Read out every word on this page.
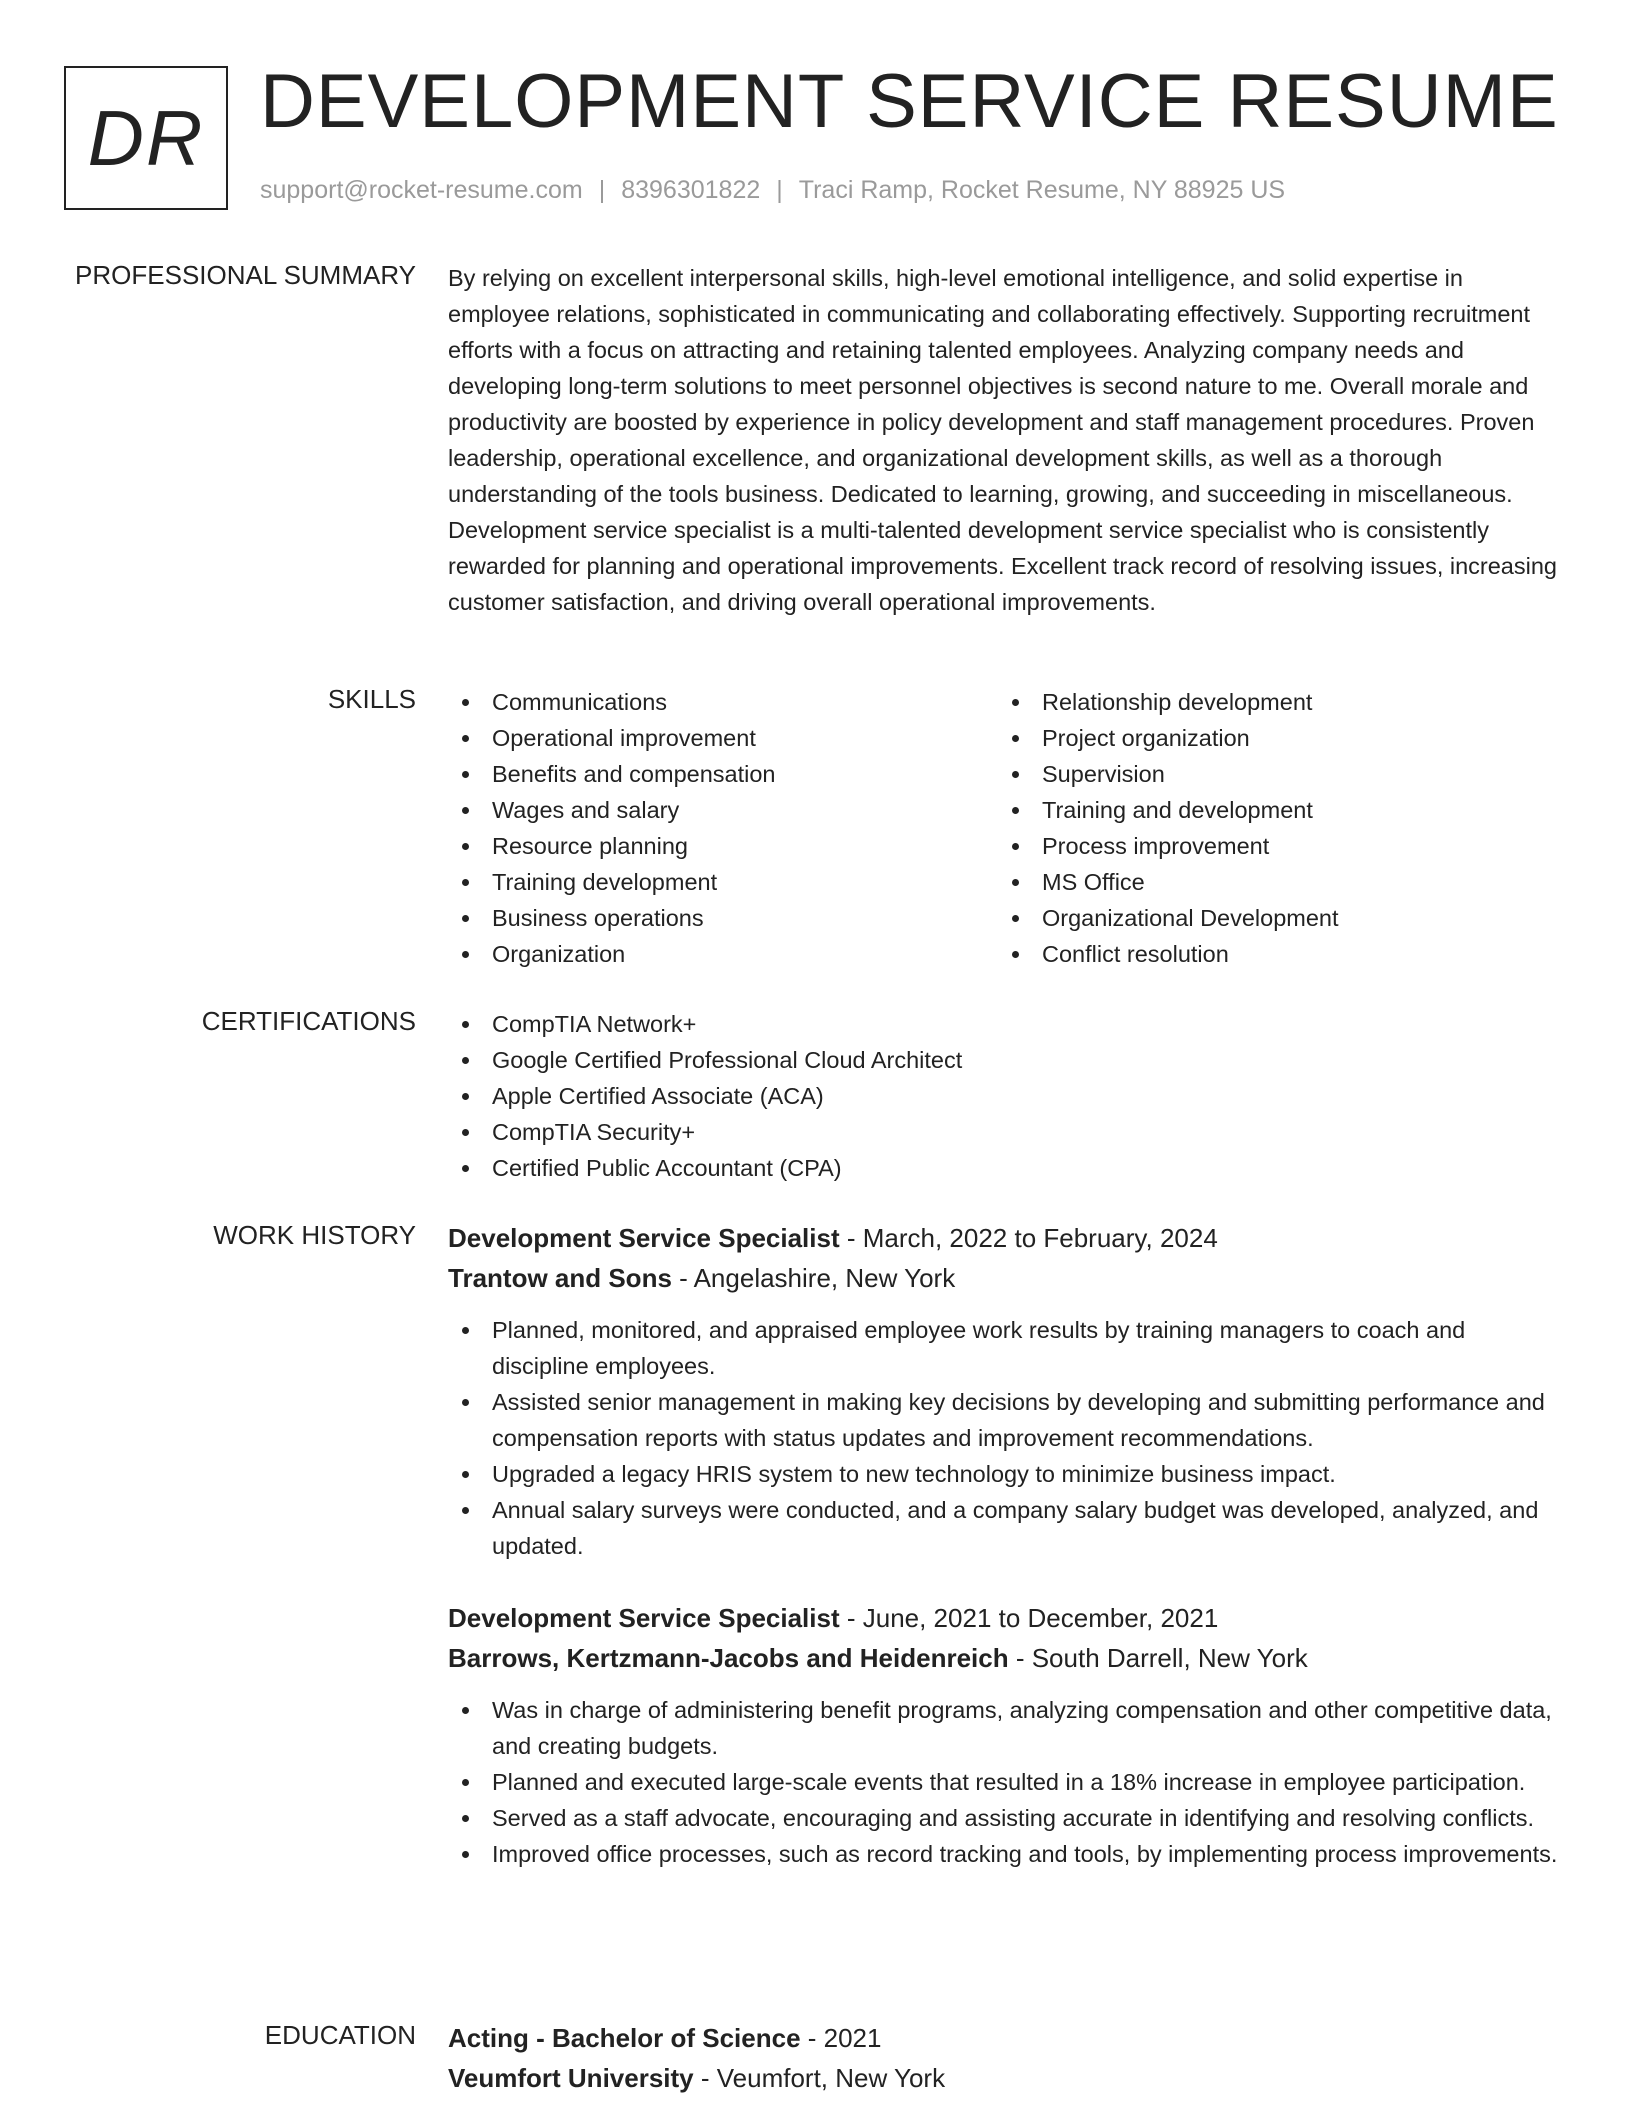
DR DEVELOPMENT SERVICE RESUME
support@rocket-resume.com | 8396301822 | Traci Ramp, Rocket Resume, NY 88925 US
PROFESSIONAL SUMMARY By relying on excellent interpersonal skills, high-level emotional intelligence, and solid expertise in employee relations, sophisticated in communicating and collaborating effectively. Supporting recruitment efforts with a focus on attracting and retaining talented employees. Analyzing company needs and developing long-term solutions to meet personnel objectives is second nature to me. Overall morale and productivity are boosted by experience in policy development and staff management procedures. Proven leadership, operational excellence, and organizational development skills, as well as a thorough understanding of the tools business. Dedicated to learning, growing, and succeeding in miscellaneous. Development service specialist is a multi-talented development service specialist who is consistently rewarded for planning and operational improvements. Excellent track record of resolving issues, increasing customer satisfaction, and driving overall operational improvements.

SKILLS	Communications
Operational improvement
Benefits and compensation
Wages and salary
Resource planning
Training development
Business operations
Organization
Relationship development
Project organization
Supervision
Training and development
Process improvement
MS Office
Organizational Development
Conflict resolution
CERTIFICATIONS	CompTIA Network+
Google Certified Professional Cloud Architect
Apple Certified Associate (ACA)
CompTIA Security+
Certified Public Accountant (CPA)
WORK HISTORY Development Service Specialist - March, 2022 to February, 2024
Trantow and Sons - Angelashire, New York
Planned, monitored, and appraised employee work results by training managers to coach and discipline employees.
Assisted senior management in making key decisions by developing and submitting performance and compensation reports with status updates and improvement recommendations.
Upgraded a legacy HRIS system to new technology to minimize business impact.
Annual salary surveys were conducted, and a company salary budget was developed, analyzed, and updated.
Development Service Specialist - June, 2021 to December, 2021
Barrows, Kertzmann-Jacobs and Heidenreich - South Darrell, New York
Was in charge of administering benefit programs, analyzing compensation and other competitive data, and creating budgets.
Planned and executed large-scale events that resulted in a 18% increase in employee participation.
Served as a staff advocate, encouraging and assisting accurate in identifying and resolving conflicts.
Improved office processes, such as record tracking and tools, by implementing process improvements.
EDUCATION Acting - Bachelor of Science - 2021
Veumfort University - Veumfort, New York
